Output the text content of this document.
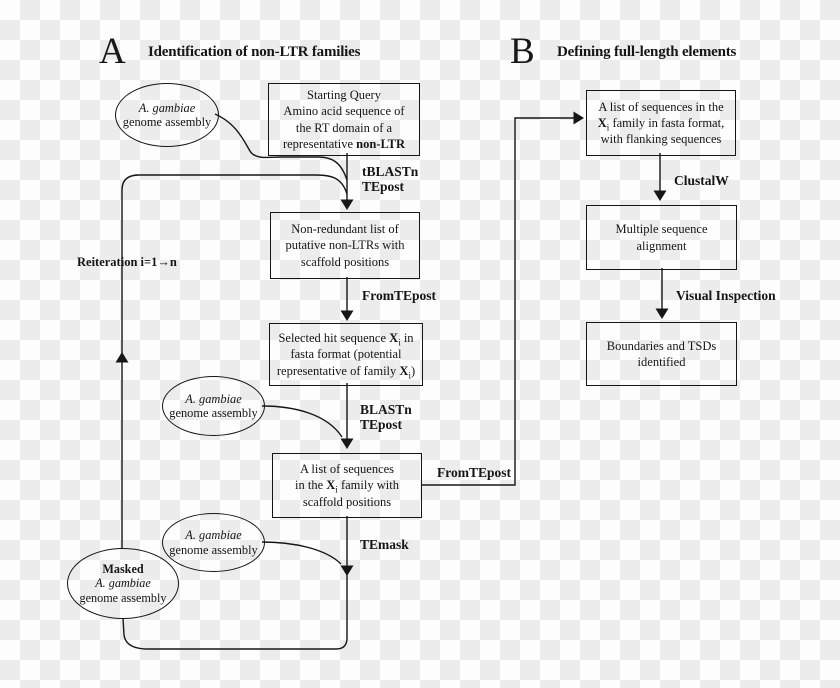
A Identification of non-LTR families	B Defining full-length elements
A. gambiae
genome assembly
A. gambiae
genome assembly
A. gambiae
genome assembly
Masked
A. gambiae
genome assembly
Starting Query
Amino acid sequence of
the RT domain of a
representative non-LTR
Non-redundant list of
putative non-LTRs with
scaffold positions
Selected hit sequence $X_i$ in
fasta format (potential
representative of family $X_i$)
A list of sequences
in the $X_i$ family with
scaffold positions
tBLASTn
TEpost
FromTEpost
BLASTn
TEpost
FromTEpost
TEmask
Reiteration i=1→n
A list of sequences in the
$X_i$ family in fasta format,
with flanking sequences
Multiple sequence
alignment
Boundaries and TSDs
identified
ClustalW
Visual Inspection
